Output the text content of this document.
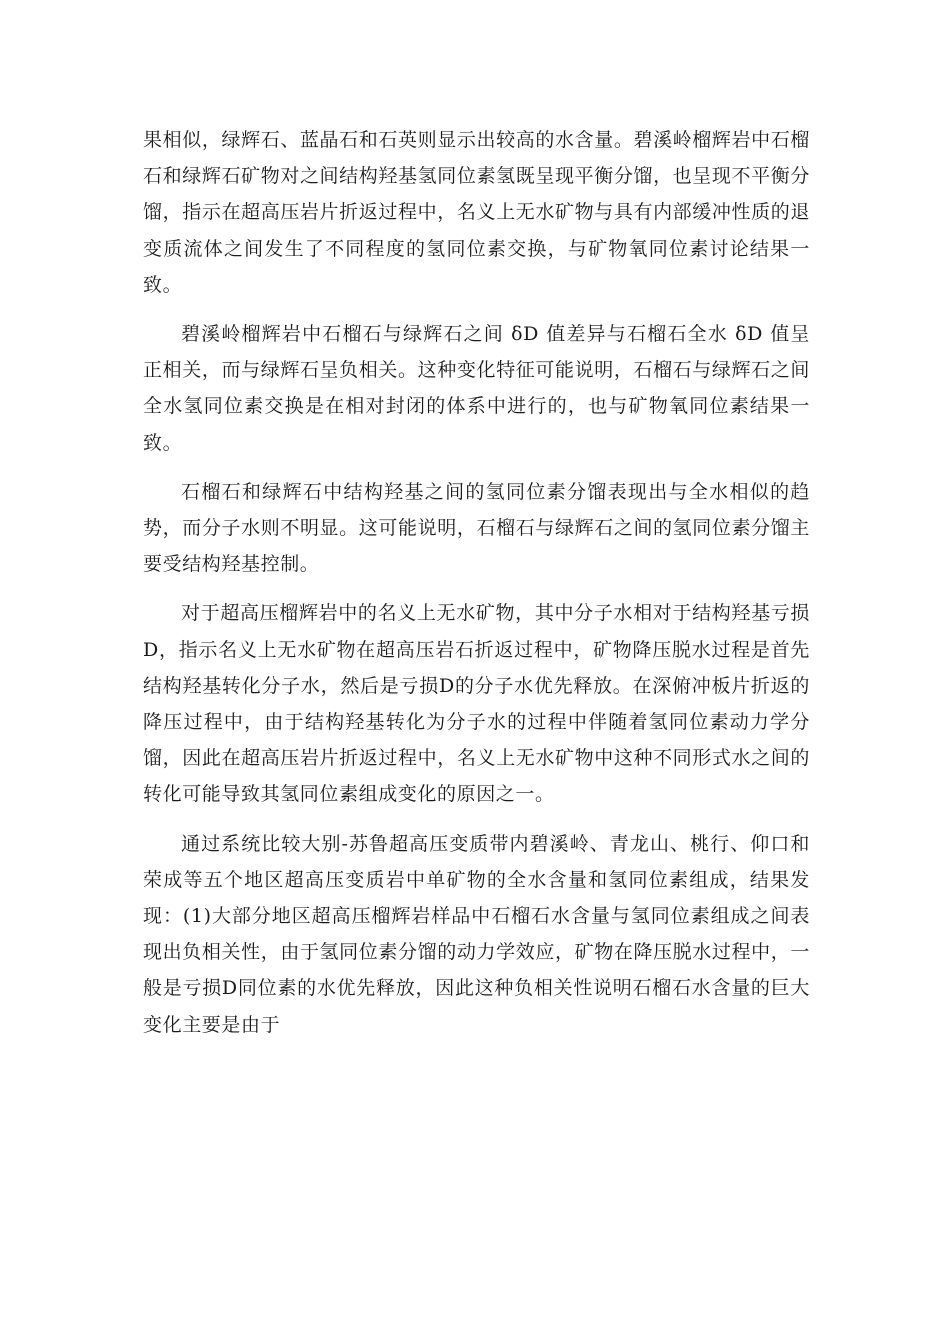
果相似，绿辉石、蓝晶石和石英则显示出较高的水含量。碧溪岭榴辉岩中石榴石和绿辉石矿物对之间结构羟基氢同位素氢既呈现平衡分馏，也呈现不平衡分馏，指示在超高压岩片折返过程中，名义上无水矿物与具有内部缓冲性质的退变质流体之间发生了不同程度的氢同位素交换，与矿物氧同位素讨论结果一致。

碧溪岭榴辉岩中石榴石与绿辉石之间 δD 值差异与石榴石全水 δD 值呈正相关，而与绿辉石呈负相关。这种变化特征可能说明，石榴石与绿辉石之间全水氢同位素交换是在相对封闭的体系中进行的，也与矿物氧同位素结果一致。

石榴石和绿辉石中结构羟基之间的氢同位素分馏表现出与全水相似的趋势，而分子水则不明显。这可能说明，石榴石与绿辉石之间的氢同位素分馏主要受结构羟基控制。

对于超高压榴辉岩中的名义上无水矿物，其中分子水相对于结构羟基亏损D，指示名义上无水矿物在超高压岩石折返过程中，矿物降压脱水过程是首先结构羟基转化分子水，然后是亏损D的分子水优先释放。在深俯冲板片折返的降压过程中，由于结构羟基转化为分子水的过程中伴随着氢同位素动力学分馏，因此在超高压岩片折返过程中，名义上无水矿物中这种不同形式水之间的转化可能导致其氢同位素组成变化的原因之一。

通过系统比较大别-苏鲁超高压变质带内碧溪岭、青龙山、桃行、仰口和荣成等五个地区超高压变质岩中单矿物的全水含量和氢同位素组成，结果发现：(1)大部分地区超高压榴辉岩样品中石榴石水含量与氢同位素组成之间表现出负相关性，由于氢同位素分馏的动力学效应，矿物在降压脱水过程中，一般是亏损D同位素的水优先释放，因此这种负相关性说明石榴石水含量的巨大变化主要是由于
